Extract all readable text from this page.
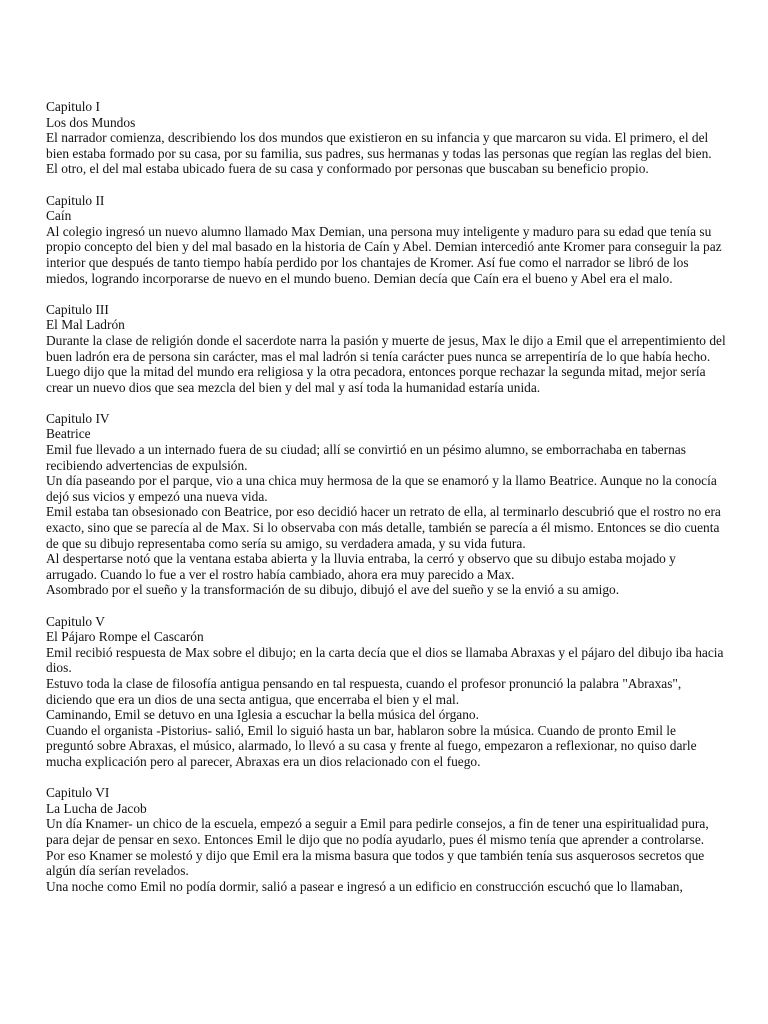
Capitulo I
Los dos Mundos

El narrador comienza, describiendo los dos mundos que existieron en su infancia y que marcaron su vida. El primero, el del bien estaba formado por su casa, por su familia, sus padres, sus hermanas y todas las personas que regían las reglas del bien. El otro, el del mal estaba ubicado fuera de su casa y conformado por personas que buscaban su beneficio propio.

Capitulo II
Caín

Al colegio ingresó un nuevo alumno llamado Max Demian, una persona muy inteligente y maduro para su edad que tenía su propio concepto del bien y del mal basado en la historia de Caín y Abel. Demian intercedió ante Kromer para conseguir la paz interior que después de tanto tiempo había perdido por los chantajes de Kromer. Así fue como el narrador se libró de los miedos, logrando incorporarse de nuevo en el mundo bueno. Demian decía que Caín era el bueno y Abel era el malo.

Capitulo III
El Mal Ladrón

Durante la clase de religión donde el sacerdote narra la pasión y muerte de jesus, Max le dijo a Emil que el arrepentimiento del buen ladrón era de persona sin carácter, mas el mal ladrón si tenía carácter pues nunca se arrepentiría de lo que había hecho. Luego dijo que la mitad del mundo era religiosa y la otra pecadora, entonces porque rechazar la segunda mitad, mejor sería crear un nuevo dios que sea mezcla del bien y del mal y así toda la humanidad estaría unida.

Capitulo IV
Beatrice

Emil fue llevado a un internado fuera de su ciudad; allí se convirtió en un pésimo alumno, se emborrachaba en tabernas recibiendo advertencias de expulsión.

Un día paseando por el parque, vio a una chica muy hermosa de la que se enamoró y la llamo Beatrice. Aunque no la conocía dejó sus vicios y empezó una nueva vida.

Emil estaba tan obsesionado con Beatrice, por eso decidió hacer un retrato de ella, al terminarlo descubrió que el rostro no era exacto, sino que se parecía al de Max. Si lo observaba con más detalle, también se parecía a él mismo. Entonces se dio cuenta de que su dibujo representaba como sería su amigo, su verdadera amada, y su vida futura.

Al despertarse notó que la ventana estaba abierta y la lluvia entraba, la cerró y observo que su dibujo estaba mojado y arrugado. Cuando lo fue a ver el rostro había cambiado, ahora era muy parecido a Max.

Asombrado por el sueño y la transformación de su dibujo, dibujó el ave del sueño y se la envió a su amigo.

Capitulo V
El Pájaro Rompe el Cascarón

Emil recibió respuesta de Max sobre el dibujo; en la carta decía que el dios se llamaba Abraxas y el pájaro del dibujo iba hacia dios.

Estuvo toda la clase de filosofía antigua pensando en tal respuesta, cuando el profesor pronunció la palabra "Abraxas", diciendo que era un dios de una secta antigua, que encerraba el bien y el mal.

Caminando, Emil se detuvo en una Iglesia a escuchar la bella música del órgano.

Cuando el organista -Pistorius- salió, Emil lo siguió hasta un bar, hablaron sobre la música. Cuando de pronto Emil le preguntó sobre Abraxas, el músico, alarmado, lo llevó a su casa y frente al fuego, empezaron a reflexionar, no quiso darle mucha explicación pero al parecer, Abraxas era un dios relacionado con el fuego.

Capitulo VI
La Lucha de Jacob

Un día Knamer- un chico de la escuela, empezó a seguir a Emil para pedirle consejos, a fin de tener una espiritualidad pura, para dejar de pensar en sexo. Entonces Emil le dijo que no podía ayudarlo, pues él mismo tenía que aprender a controlarse. Por eso Knamer se molestó y dijo que Emil era la misma basura que todos y que también tenía sus asquerosos secretos que algún día serían revelados.

Una noche como Emil no podía dormir, salió a pasear e ingresó a un edificio en construcción escuchó que lo llamaban,
